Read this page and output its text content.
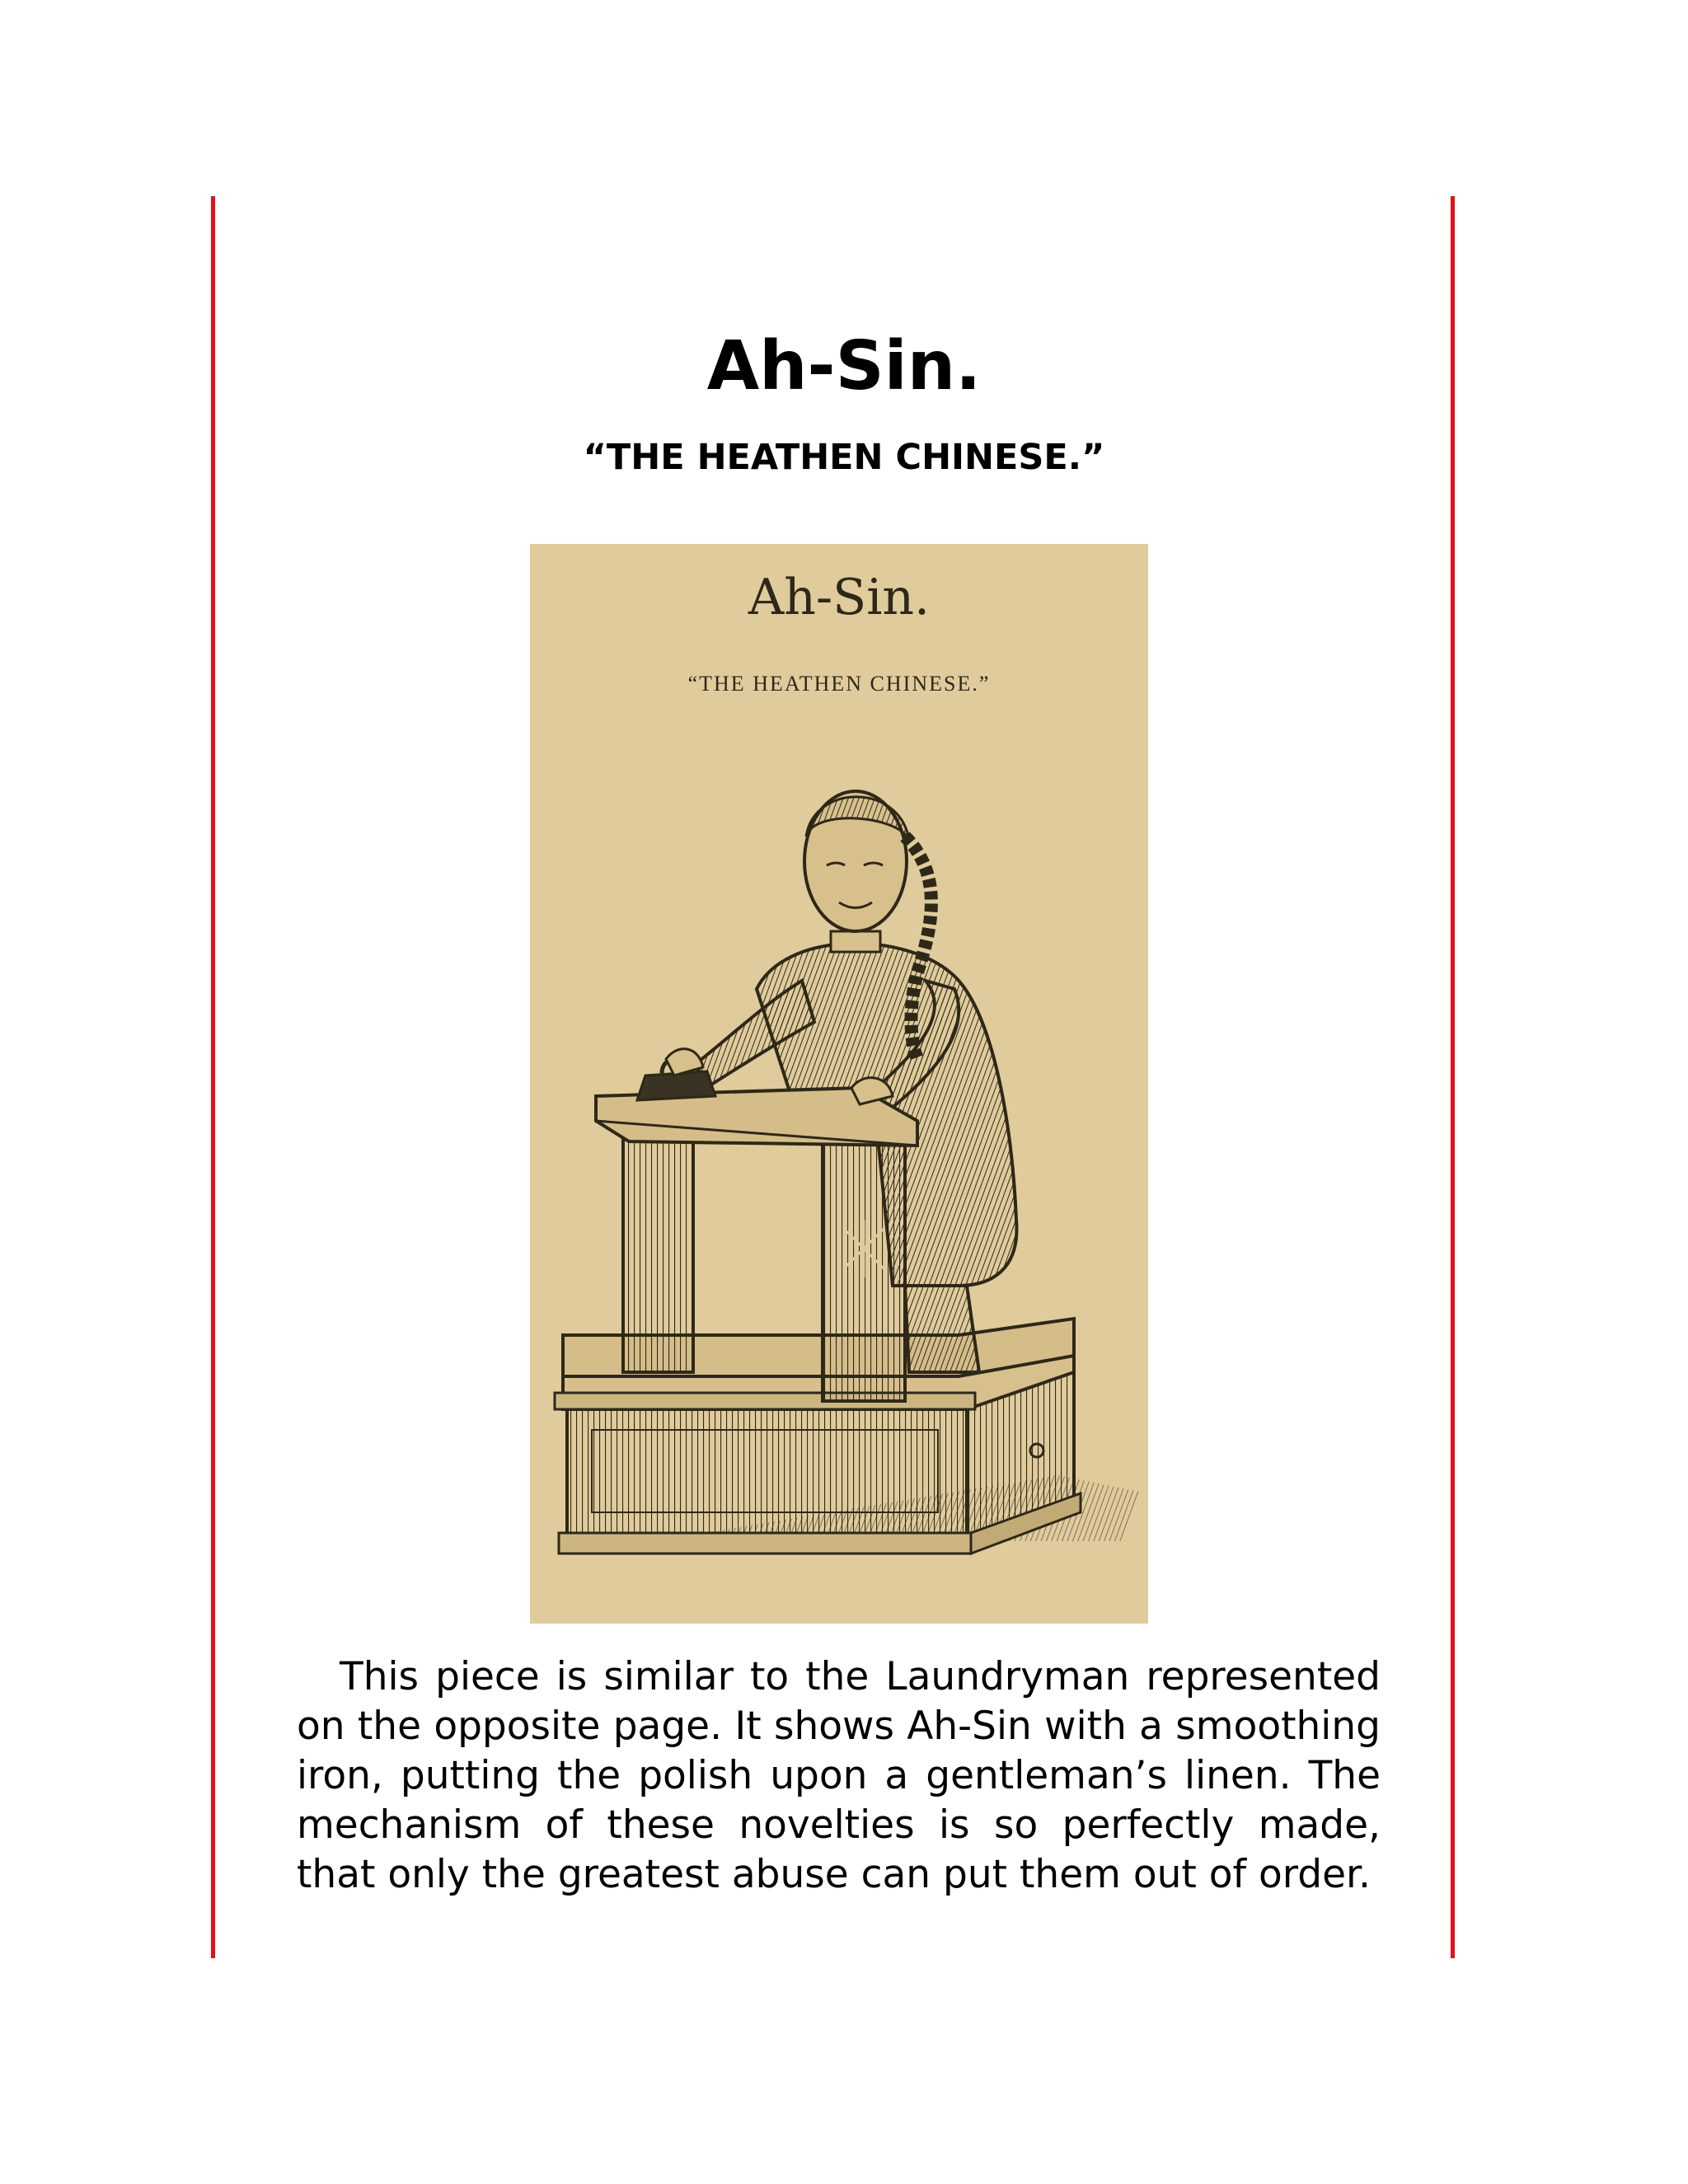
Ah-Sin.
“THE HEATHEN CHINESE.”
Ah-Sin.
“THE HEATHEN CHINESE.”

This piece is similar to the Laundryman represented on the opposite page. It shows Ah-Sin with a smoothing iron, putting the polish upon a gentleman’s linen. The mechanism of these novelties is so perfectly made, that only the greatest abuse can put them out of order.
